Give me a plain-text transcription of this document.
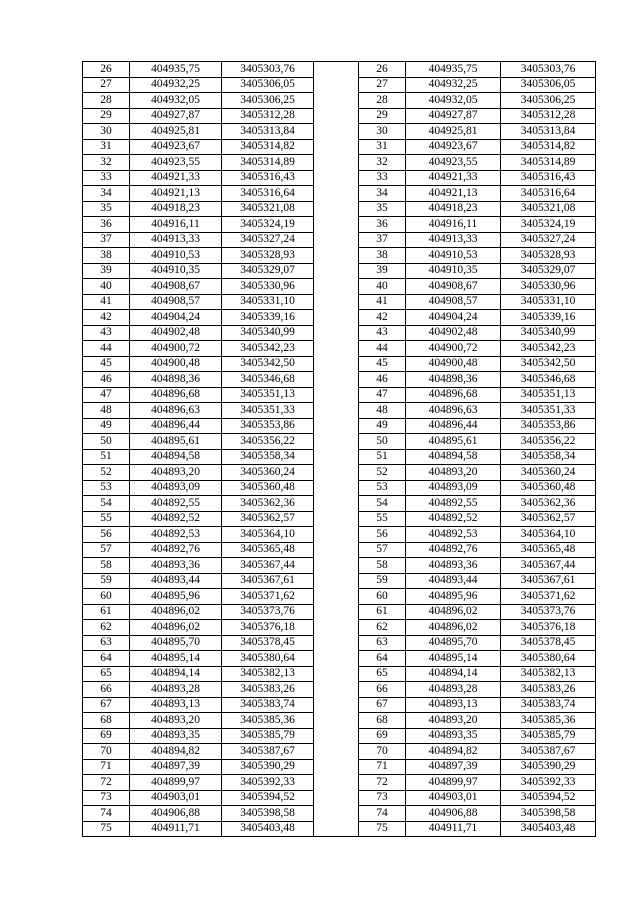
26	404935,75	3405303,76		26	404935,75	3405303,76
27	404932,25	3405306,05		27	404932,25	3405306,05
28	404932,05	3405306,25		28	404932,05	3405306,25
29	404927,87	3405312,28		29	404927,87	3405312,28
30	404925,81	3405313,84		30	404925,81	3405313,84
31	404923,67	3405314,82		31	404923,67	3405314,82
32	404923,55	3405314,89		32	404923,55	3405314,89
33	404921,33	3405316,43		33	404921,33	3405316,43
34	404921,13	3405316,64		34	404921,13	3405316,64
35	404918,23	3405321,08		35	404918,23	3405321,08
36	404916,11	3405324,19		36	404916,11	3405324,19
37	404913,33	3405327,24		37	404913,33	3405327,24
38	404910,53	3405328,93		38	404910,53	3405328,93
39	404910,35	3405329,07		39	404910,35	3405329,07
40	404908,67	3405330,96		40	404908,67	3405330,96
41	404908,57	3405331,10		41	404908,57	3405331,10
42	404904,24	3405339,16		42	404904,24	3405339,16
43	404902,48	3405340,99		43	404902,48	3405340,99
44	404900,72	3405342,23		44	404900,72	3405342,23
45	404900,48	3405342,50		45	404900,48	3405342,50
46	404898,36	3405346,68		46	404898,36	3405346,68
47	404896,68	3405351,13		47	404896,68	3405351,13
48	404896,63	3405351,33		48	404896,63	3405351,33
49	404896,44	3405353,86		49	404896,44	3405353,86
50	404895,61	3405356,22		50	404895,61	3405356,22
51	404894,58	3405358,34		51	404894,58	3405358,34
52	404893,20	3405360,24		52	404893,20	3405360,24
53	404893,09	3405360,48		53	404893,09	3405360,48
54	404892,55	3405362,36		54	404892,55	3405362,36
55	404892,52	3405362,57		55	404892,52	3405362,57
56	404892,53	3405364,10		56	404892,53	3405364,10
57	404892,76	3405365,48		57	404892,76	3405365,48
58	404893,36	3405367,44		58	404893,36	3405367,44
59	404893,44	3405367,61		59	404893,44	3405367,61
60	404895,96	3405371,62		60	404895,96	3405371,62
61	404896,02	3405373,76		61	404896,02	3405373,76
62	404896,02	3405376,18		62	404896,02	3405376,18
63	404895,70	3405378,45		63	404895,70	3405378,45
64	404895,14	3405380,64		64	404895,14	3405380,64
65	404894,14	3405382,13		65	404894,14	3405382,13
66	404893,28	3405383,26		66	404893,28	3405383,26
67	404893,13	3405383,74		67	404893,13	3405383,74
68	404893,20	3405385,36		68	404893,20	3405385,36
69	404893,35	3405385,79		69	404893,35	3405385,79
70	404894,82	3405387,67		70	404894,82	3405387,67
71	404897,39	3405390,29		71	404897,39	3405390,29
72	404899,97	3405392,33		72	404899,97	3405392,33
73	404903,01	3405394,52		73	404903,01	3405394,52
74	404906,88	3405398,58		74	404906,88	3405398,58
75	404911,71	3405403,48		75	404911,71	3405403,48
